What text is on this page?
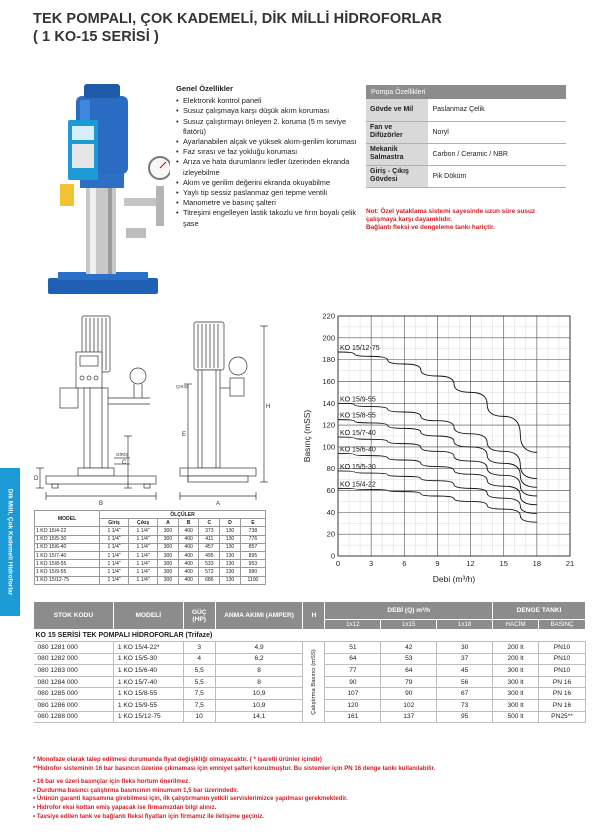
TEK POMPALI, ÇOK KADEMELİ, DİK MİLLİ HİDROFORLAR
( 1 KO-15 SERİSİ )
Dik Milli, Çok Kademeli Hidroforlar
Genel Özellikler
• Elektronik kontrol paneli
• Susuz çalışmaya karşı düşük akım koruması
• Susuz çalıştırmayı önleyen 2. koruma (5 m seviye flatörü)
• Ayarlanabilen alçak ve yüksek akım-gerilim koruması
• Faz sırası ve faz yokluğu koruması
• Arıza ve hata durumlarını ledler üzerinden ekranda izleyebilme
• Akım ve gerilim değerini ekranda okuyabilme
• Yaylı tip sessiz paslanmaz geri tepme ventili
• Manometre ve basınç şalteri
• Titreşimi engelleyen lastik takozlu ve fırın boyalı çelik şase
Pompa Özellikleri	
Gövde ve Mil	Paslanmaz Çelik
Fan ve Difüzörler	Noryl
Mekanik Salmastra	Carbon / Ceramic / NBR
Giriş - Çıkış Gövdesi	Pik Döküm
Not: Özel yataklama sistemi sayesinde uzun süre susuz çalışmaya karşı dayanıklıdır.
Bağlantı fleksi ve dengeleme tankı hariçtir.
B
D
C
GİRİŞ
A
H
E
ÇIKIŞ
MODEL	ÖLÇÜLER						
	Giriş	Çıkış	A	B	C	D	E
1 KO 15/4-22	1 1/4"	1 1/4"	300	400	373	130	738
1 KO 15/5-30	1 1/4"	1 1/4"	300	400	411	130	776
1 KO 15/6-40	1 1/4"	1 1/4"	300	400	457	130	857
1 KO 15/7-40	1 1/4"	1 1/4"	300	400	495	130	895
1 KO 15/8-55	1 1/4"	1 1/4"	300	400	533	130	953
1 KO 15/9-55	1 1/4"	1 1/4"	300	400	572	130	990
1 KO 15/12-75	1 1/4"	1 1/4"	300	400	686	130	1100
0	3	6	9	12	15	18	21
0
20
40
60
80
100
120
140
160
180
200
220
Debi (m³/h)
Basınç (mSS)
KO 15/12-75
KO 15/9-55
KO 15/8-55
KO 15/7-40
KO 15/6-40
KO 15/5-30
KO 15/4-22
STOK KODU	MODELİ	GÜÇ (HP)	ANMA AKIMI (AMPER)	H	DEBİ (Q) m³/h			DENGE TANKI	
					1x12	1x15	1x18	HACİM	BASINÇ
KO 15 SERİSİ TEK POMPALI HİDROFORLAR (Trifaze)									
080 1281 000	1 KO 15/4-22*	3	4,9	Çalıştırma Basıncı (mSS)	51	42	30	200 lt	PN10
080 1282 000	1 KO 15/5-30	4	6,2		64	53	37	200 lt	PN10
080 1283 000	1 KO 15/6-40	5,5	8		77	64	45	300 lt	PN10
080 1284 000	1 KO 15/7-40	5,5	8		90	79	56	300 lt	PN 16
080 1285 000	1 KO 15/8-55	7,5	10,9		107	90	67	300 lt	PN 16
080 1286 000	1 KO 15/9-55	7,5	10,9		120	102	73	300 lt	PN 16
080 1288 000	1 KO 15/12-75	10	14,1		161	137	95	500 lt	PN25**
* Monofaze olarak talep edilmesi durumunda fiyat değişikliği olmayacaktır. ( * işaretli ürünler içindir)
**Hidrofor sisteminin 16 bar basıncın üzerine çıkmaması için emniyet şalteri konulmuştur. Bu sistemler için PN 16 denge tankı kullanılabilir.
• 16 bar ve üzeri basınçlar için fleks hortum önerilmez.
• Durdurma basıncı çalıştırma basıncının minumum 1,5 bar üzerindedir.
• Ürünün garanti kapsamına girebilmesi için, ilk çalıştırmanın yetkili servislerimizce yapılması gerekmektedir.
• Hidrofor eksi kottan emiş yapacak ise firmamızdan bilgi alınız.
• Tavsiye edilen tank ve bağlantı fleksi fiyatları için firmamız ile iletişime geçiniz.
